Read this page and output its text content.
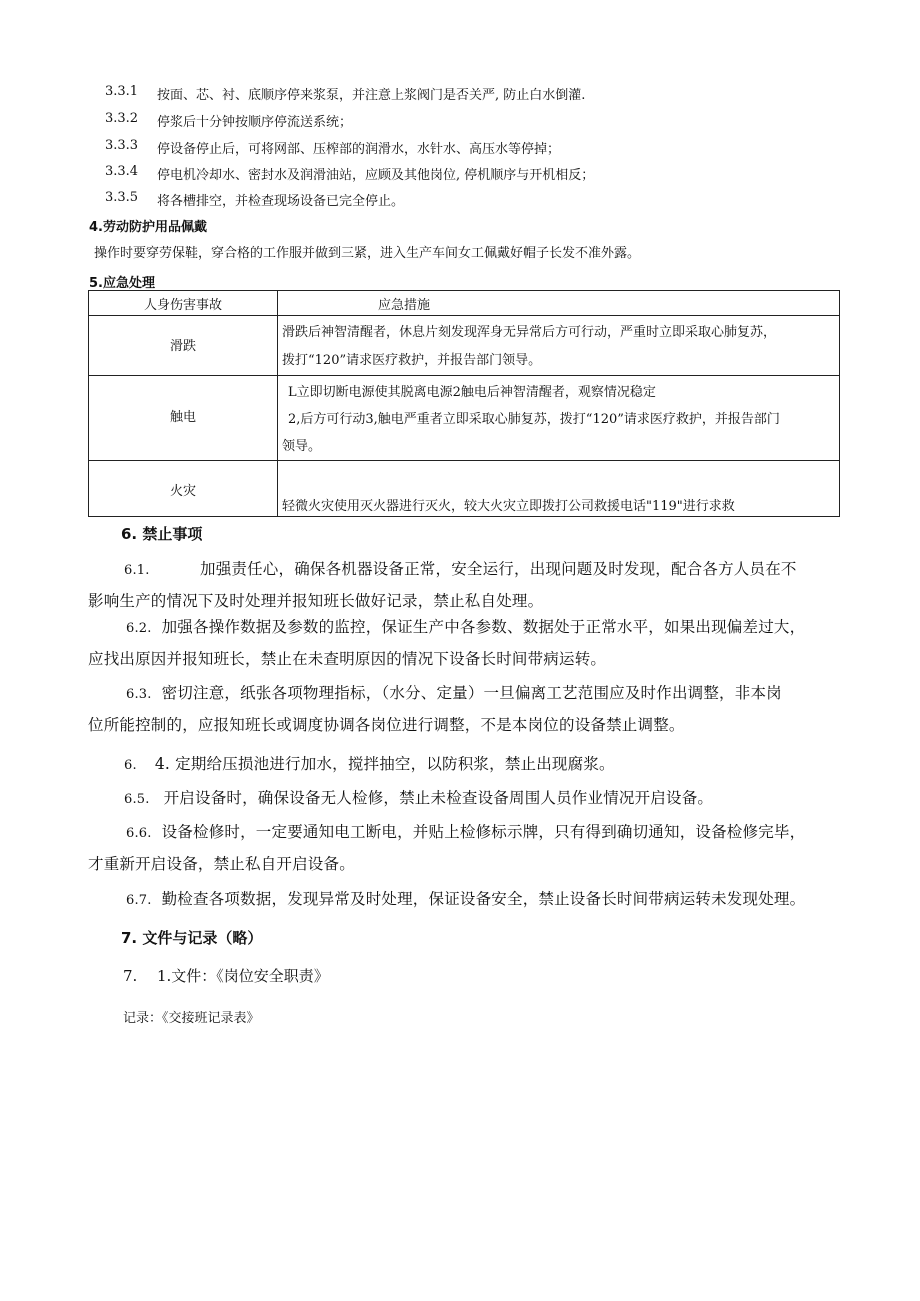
3.3.1	按面、芯、衬、底顺序停来浆泵，并注意上浆阀门是否关严, 防止白水倒灌.
3.3.2	停浆后十分钟按顺序停流送系统；
3.3.3	停设备停止后，可将网部、压榨部的润滑水，水针水、高压水等停掉；
3.3.4	停电机冷却水、密封水及润滑油站，应顾及其他岗位, 停机顺序与开机相反；
3.3.5	将各槽排空，并检查现场设备已完全停止。
4.劳动防护用品佩戴
操作时要穿劳保鞋，穿合格的工作服并做到三紧，进入生产车间女工佩戴好帽子长发不准外露。
5.应急处理
人身伤害事故	应急措施

滑跌	滑跌后神智清醒者，休息片刻发现浑身无异常后方可行动，严重时立即采取心肺复苏，
拨打“120”请求医疗救护，并报告部门领导。

触电	L立即切断电源使其脱离电源2触电后神智清醒者，观察情况稳定
2,后方可行动3,触电严重者立即采取心肺复苏，拨打“120”请求医疗救护，并报告部门
领导。

火灾	轻微火灾使用灭火器进行灭火，较大火灾立即拨打公司救援电话"119"进行求救
6. 禁止事项
6.1.	加强责任心，确保各机器设备正常，安全运行，出现问题及时发现，配合各方人员在不
影响生产的情况下及时处理并报知班长做好记录，禁止私自处理。
6.2. 加强各操作数据及参数的监控，保证生产中各参数、数据处于正常水平，如果出现偏差过大，
应找出原因并报知班长，禁止在未查明原因的情况下设备长时间带病运转。
6.3. 密切注意，纸张各项物理指标，（水分、定量）一旦偏离工艺范围应及时作出调整，非本岗
位所能控制的，应报知班长或调度协调各岗位进行调整，不是本岗位的设备禁止调整。
6. 4. 定期给压损池进行加水，搅拌抽空，以防积浆，禁止出现腐浆。
6.5. 开启设备时，确保设备无人检修，禁止未检查设备周围人员作业情况开启设备。
6.6. 设备检修时，一定要通知电工断电，并贴上检修标示牌，只有得到确切通知，设备检修完毕，
才重新开启设备，禁止私自开启设备。
6.7. 勤检查各项数据，发现异常及时处理，保证设备安全，禁止设备长时间带病运转未发现处理。
7. 文件与记录（略）
7. 1.文件：《岗位安全职责》
记录：《交接班记录表》
